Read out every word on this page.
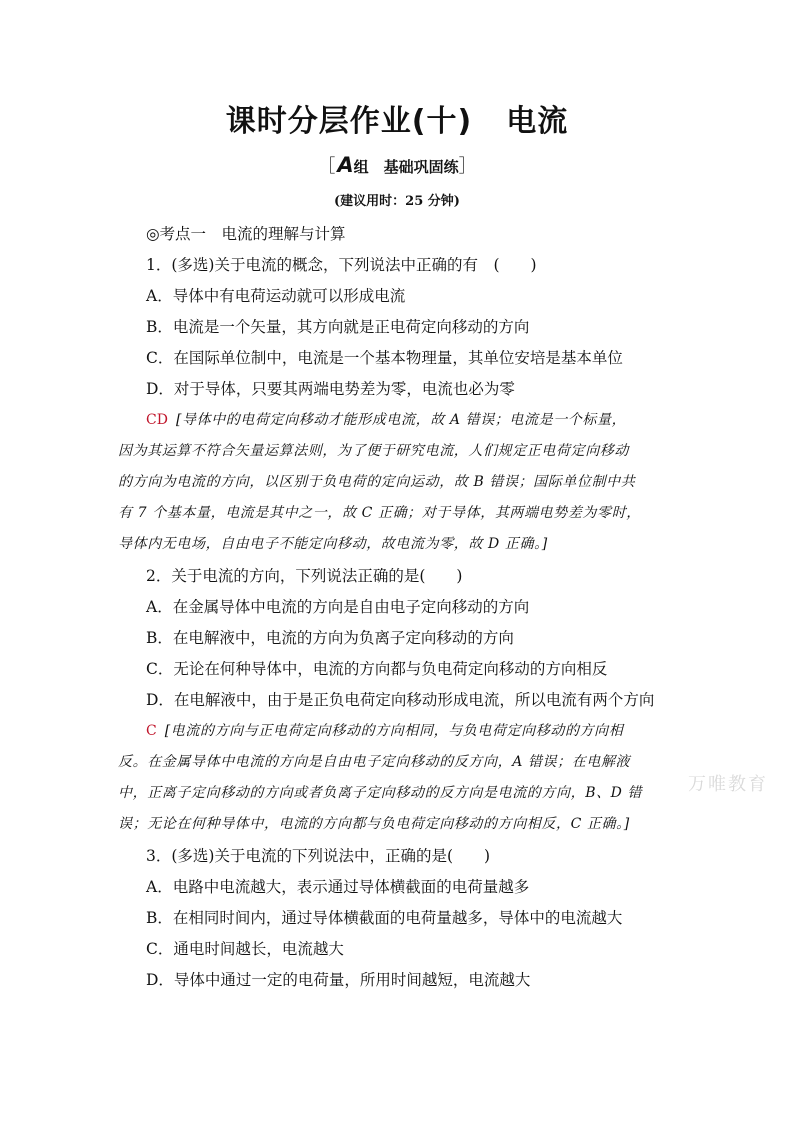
课时分层作业(十) 电流
［A组　基础巩固练］
(建议用时：25 分钟)
◎考点一　电流的理解与计算
1．(多选)关于电流的概念，下列说法中正确的有　(　　)
A．导体中有电荷运动就可以形成电流
B．电流是一个矢量，其方向就是正电荷定向移动的方向
C．在国际单位制中，电流是一个基本物理量，其单位安培是基本单位
D．对于导体，只要其两端电势差为零，电流也必为零
CD [导体中的电荷定向移动才能形成电流，故 A 错误；电流是一个标量，
因为其运算不符合矢量运算法则，为了便于研究电流，人们规定正电荷定向移动
的方向为电流的方向，以区别于负电荷的定向运动，故 B 错误；国际单位制中共
有 7 个基本量，电流是其中之一，故 C 正确；对于导体，其两端电势差为零时，
导体内无电场，自由电子不能定向移动，故电流为零，故 D 正确。]
2．关于电流的方向，下列说法正确的是(　　)
A．在金属导体中电流的方向是自由电子定向移动的方向
B．在电解液中，电流的方向为负离子定向移动的方向
C．无论在何种导体中，电流的方向都与负电荷定向移动的方向相反
D．在电解液中，由于是正负电荷定向移动形成电流，所以电流有两个方向
C [电流的方向与正电荷定向移动的方向相同，与负电荷定向移动的方向相
反。在金属导体中电流的方向是自由电子定向移动的反方向，A 错误；在电解液
中，正离子定向移动的方向或者负离子定向移动的反方向是电流的方向，B、D 错
误；无论在何种导体中，电流的方向都与负电荷定向移动的方向相反，C 正确。]
3．(多选)关于电流的下列说法中，正确的是(　　)
A．电路中电流越大，表示通过导体横截面的电荷量越多
B．在相同时间内，通过导体横截面的电荷量越多，导体中的电流越大
C．通电时间越长，电流越大
D．导体中通过一定的电荷量，所用时间越短，电流越大
万唯教育
